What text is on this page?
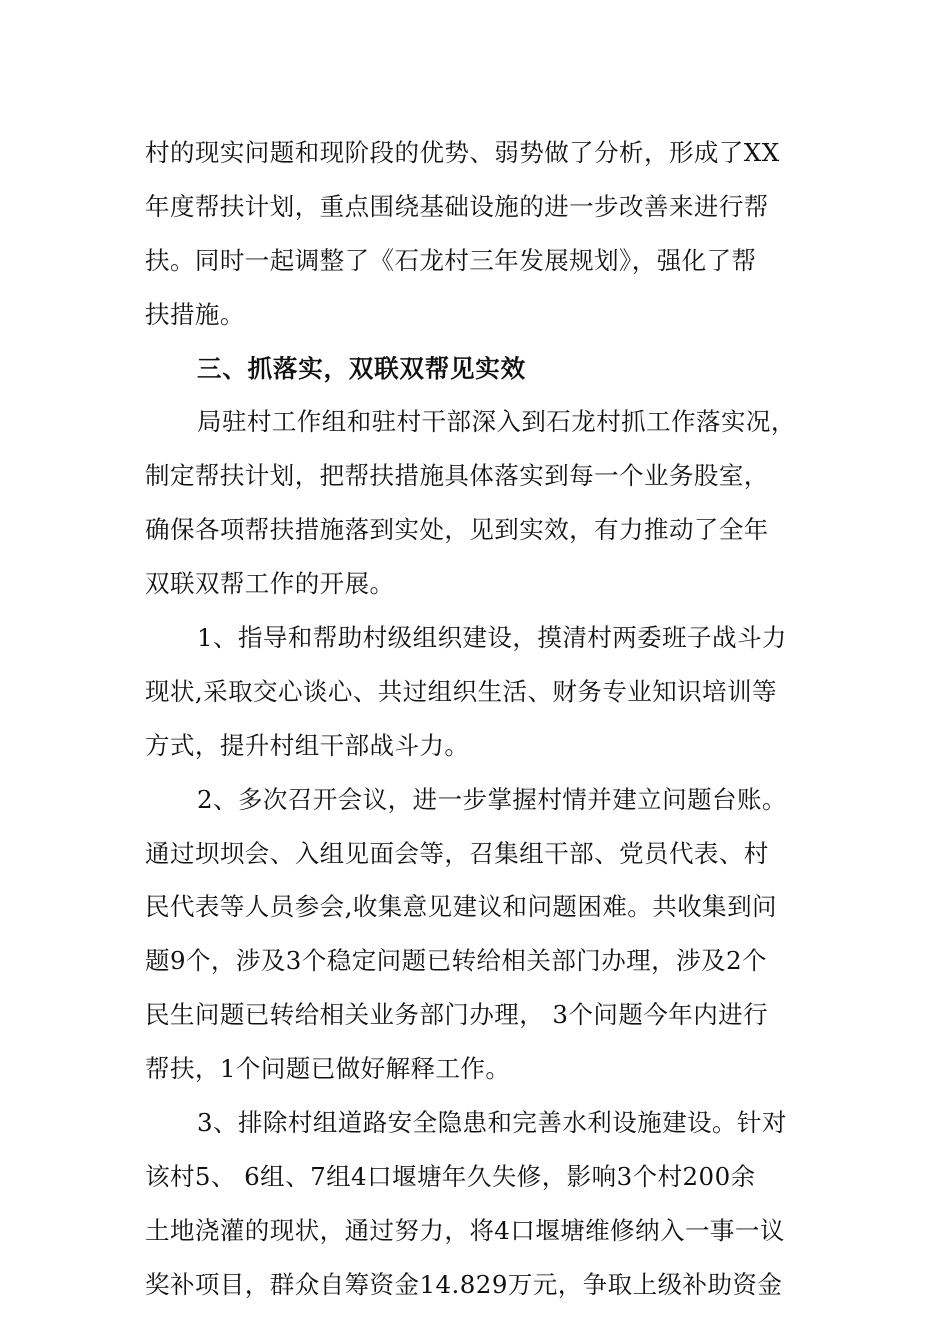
村的现实问题和现阶段的优势、弱势做了分析，形成了XX
年度帮扶计划，重点围绕基础设施的进一步改善来进行帮
扶。同时一起调整了《石龙村三年发展规划》，强化了帮
扶措施。
三、抓落实，双联双帮见实效
局驻村工作组和驻村干部深入到石龙村抓工作落实况，
制定帮扶计划，把帮扶措施具体落实到每一个业务股室，
确保各项帮扶措施落到实处，见到实效，有力推动了全年
双联双帮工作的开展。
1、指导和帮助村级组织建设，摸清村两委班子战斗力
现状,采取交心谈心、共过组织生活、财务专业知识培训等
方式，提升村组干部战斗力。
2、多次召开会议，进一步掌握村情并建立问题台账。
通过坝坝会、入组见面会等，召集组干部、党员代表、村
民代表等人员参会,收集意见建议和问题困难。共收集到问
题9个，涉及3个稳定问题已转给相关部门办理，涉及2个
民生问题已转给相关业务部门办理， 3个问题今年内进行
帮扶，1个问题已做好解释工作。
3、排除村组道路安全隐患和完善水利设施建设。针对
该村5、 6组、7组4口堰塘年久失修，影响3个村200余
土地浇灌的现状，通过努力，将4口堰塘维修纳入一事一议
奖补项目，群众自筹资金14.829万元，争取上级补助资金
